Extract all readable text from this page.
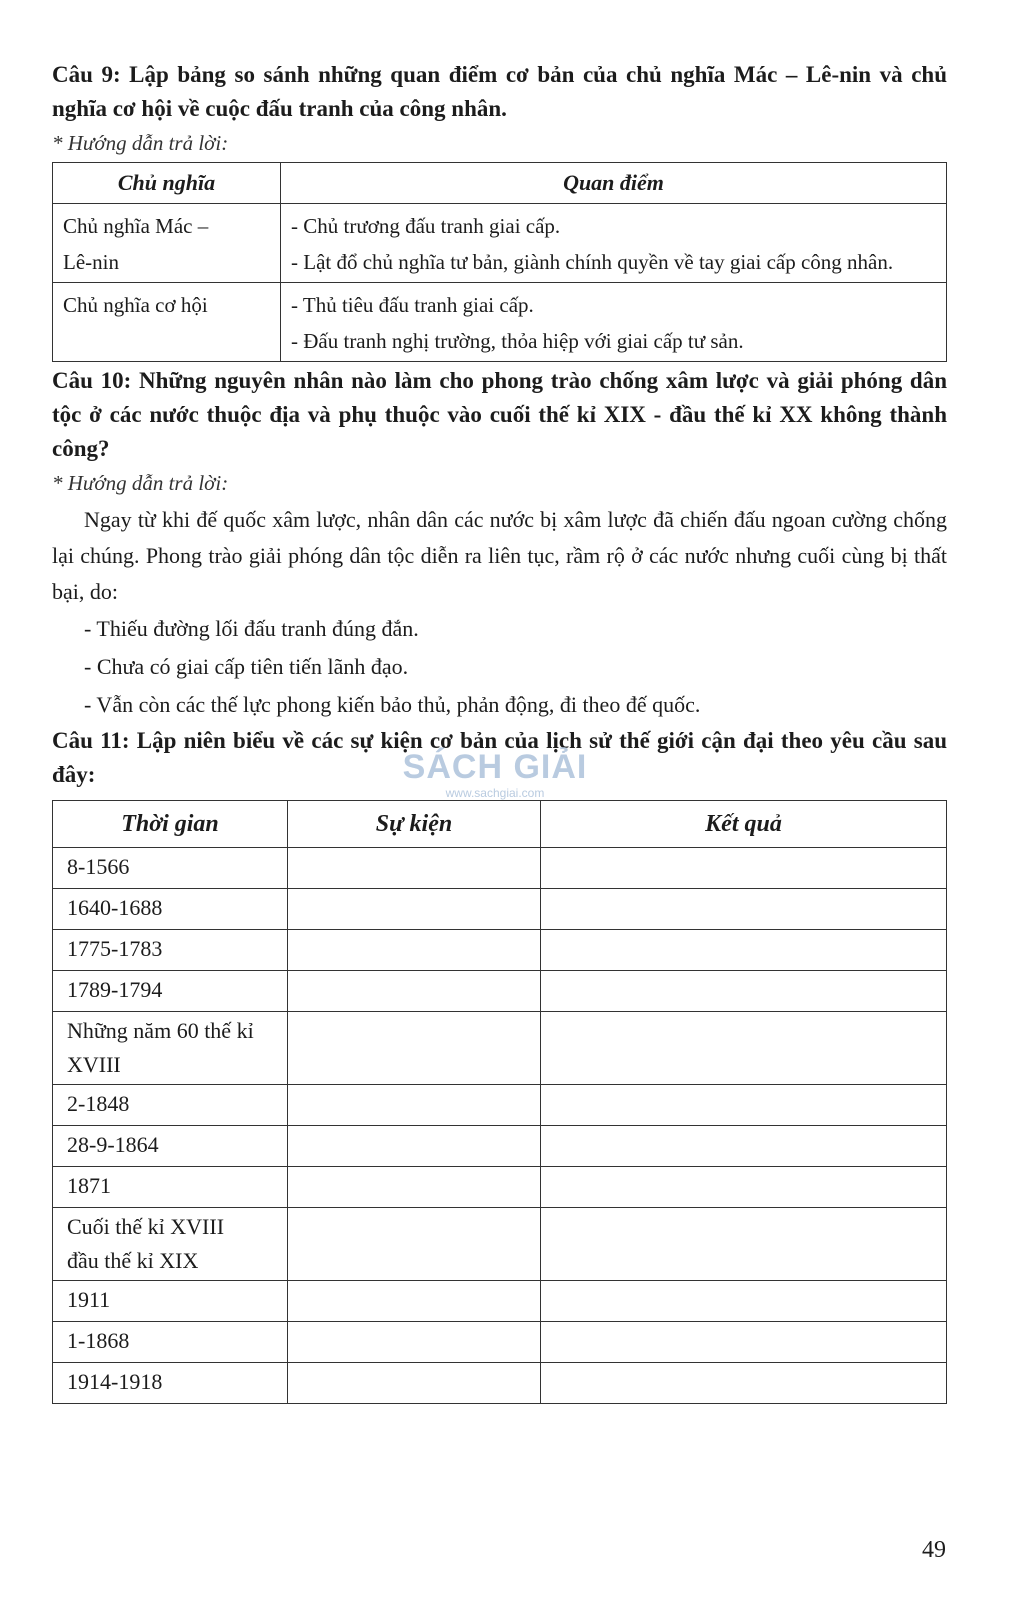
Câu 9: Lập bảng so sánh những quan điểm cơ bản của chủ nghĩa Mác – Lê-nin và chủ nghĩa cơ hội về cuộc đấu tranh của công nhân.

* Hướng dẫn trả lời:

Chủ nghĩa	Quan điểm

Chủ nghĩa Mác –
Lê-nin	- Chủ trương đấu tranh giai cấp.
- Lật đổ chủ nghĩa tư bản, giành chính quyền về tay giai cấp công nhân.

Chủ nghĩa cơ hội	- Thủ tiêu đấu tranh giai cấp.
- Đấu tranh nghị trường, thỏa hiệp với giai cấp tư sản.

Câu 10: Những nguyên nhân nào làm cho phong trào chống xâm lược và giải phóng dân tộc ở các nước thuộc địa và phụ thuộc vào cuối thế kỉ XIX - đầu thế kỉ XX không thành công?

* Hướng dẫn trả lời:

Ngay từ khi đế quốc xâm lược, nhân dân các nước bị xâm lược đã chiến đấu ngoan cường chống lại chúng. Phong trào giải phóng dân tộc diễn ra liên tục, rầm rộ ở các nước nhưng cuối cùng bị thất bại, do:

- Thiếu đường lối đấu tranh đúng đắn.

- Chưa có giai cấp tiên tiến lãnh đạo.

- Vẫn còn các thế lực phong kiến bảo thủ, phản động, đi theo đế quốc.

Câu 11: Lập niên biểu về các sự kiện cơ bản của lịch sử thế giới cận đại theo yêu cầu sau đây:

Thời gian	Sự kiện	Kết quả

8-1566		

1640-1688		

1775-1783		

1789-1794		

Những năm 60 thế kỉ
XVIII		

2-1848		

28-9-1864		

1871		

Cuối thế kỉ XVIII
đầu thế kỉ XIX		

1911		

1-1868		

1914-1918		

SÁCH GIẢI
www.sachgiai.com
49
